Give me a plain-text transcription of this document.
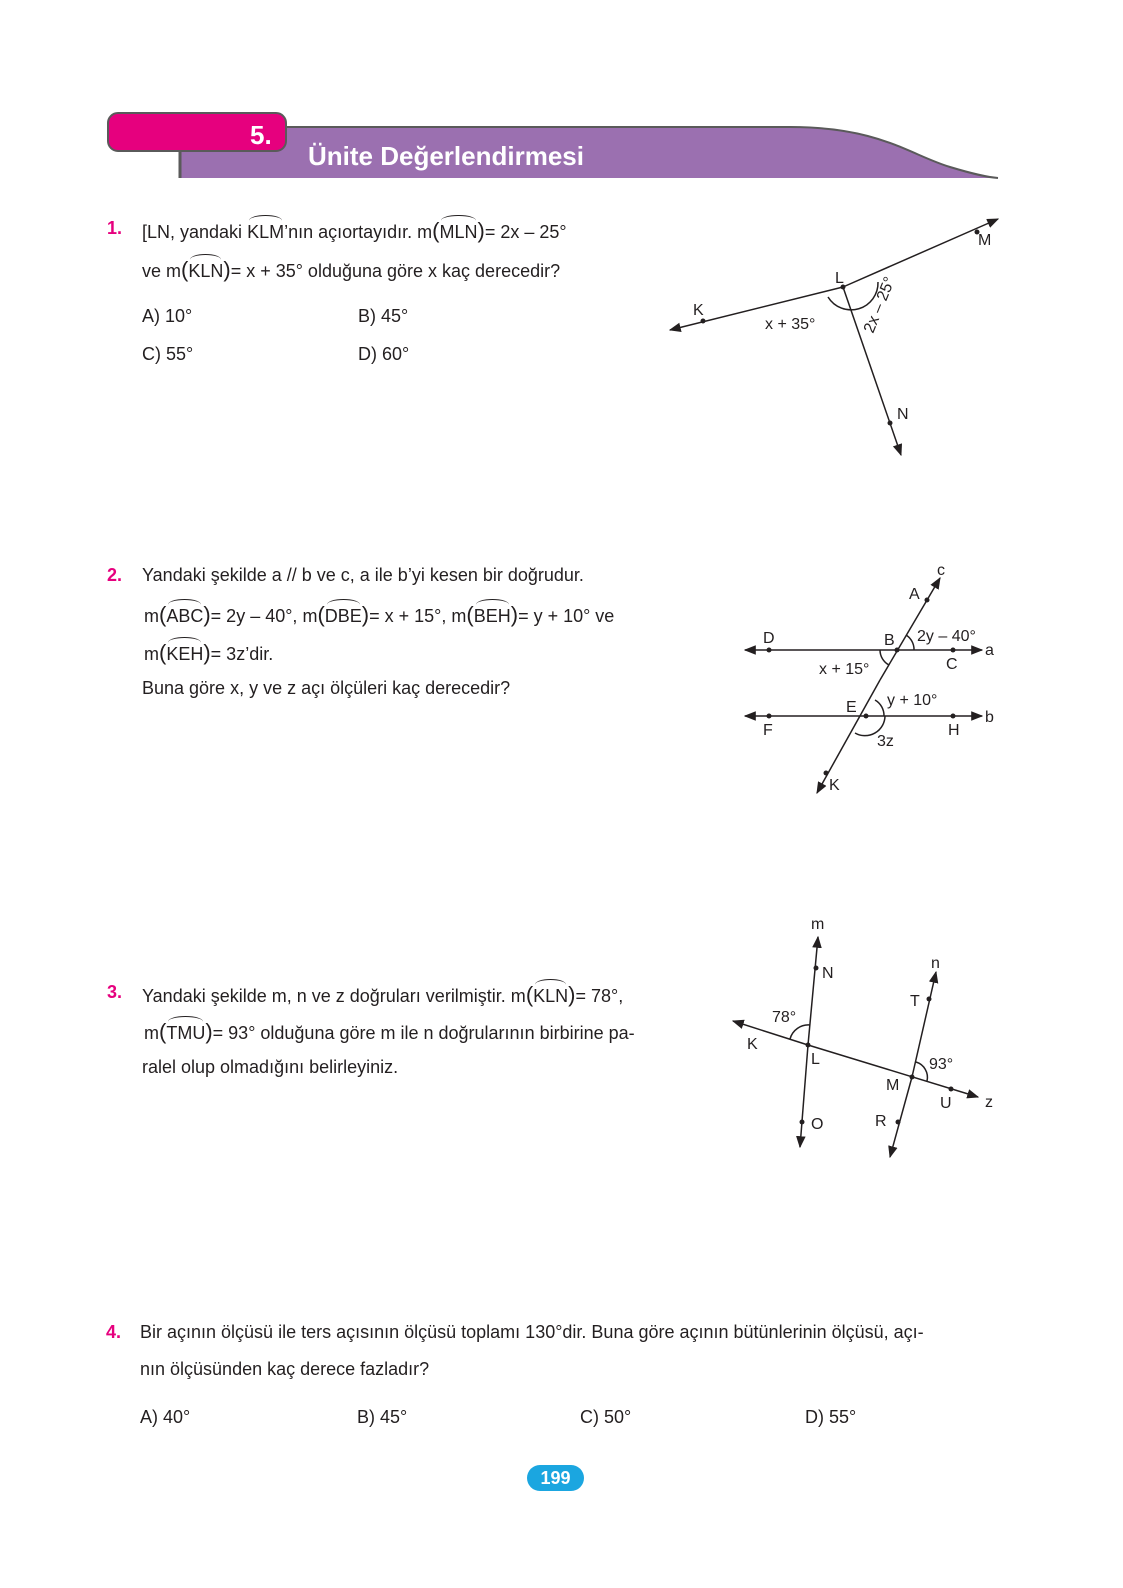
5.
Ünite Değerlendirmesi
1. [LN, yandaki KLM’nın açıortayıdır. m(MLN)= 2x – 25°
ve m(KLN)= x + 35° olduğuna göre x kaç derecedir?
A) 10°	B) 45°
C) 55°	D) 60°
K
L
M
N
x + 35°	2x – 25°
c
A
D	B 2y – 40°
C
a
x + 15°
E y + 10°
F	H
b
3z
K
m
N
n
T
78°
K
L	93°
M
U z
O	R
2. Yandaki şekilde a // b ve c, a ile b’yi kesen bir doğrudur.
m(ABC)= 2y – 40°, m(DBE)= x + 15°, m(BEH)= y + 10° ve
m(KEH)= 3z’dir.
Buna göre x, y ve z açı ölçüleri kaç derecedir?
3. Yandaki şekilde m, n ve z doğruları verilmiştir. m(KLN)= 78°,
m(TMU)= 93° olduğuna göre m ile n doğrularının birbirine pa-
ralel olup olmadığını belirleyiniz.
4. Bir açının ölçüsü ile ters açısının ölçüsü toplamı 130°dir. Buna göre açının bütünlerinin ölçüsü, açı-
nın ölçüsünden kaç derece fazladır?
A) 40°	B) 45°	C) 50°	D) 55°
199
